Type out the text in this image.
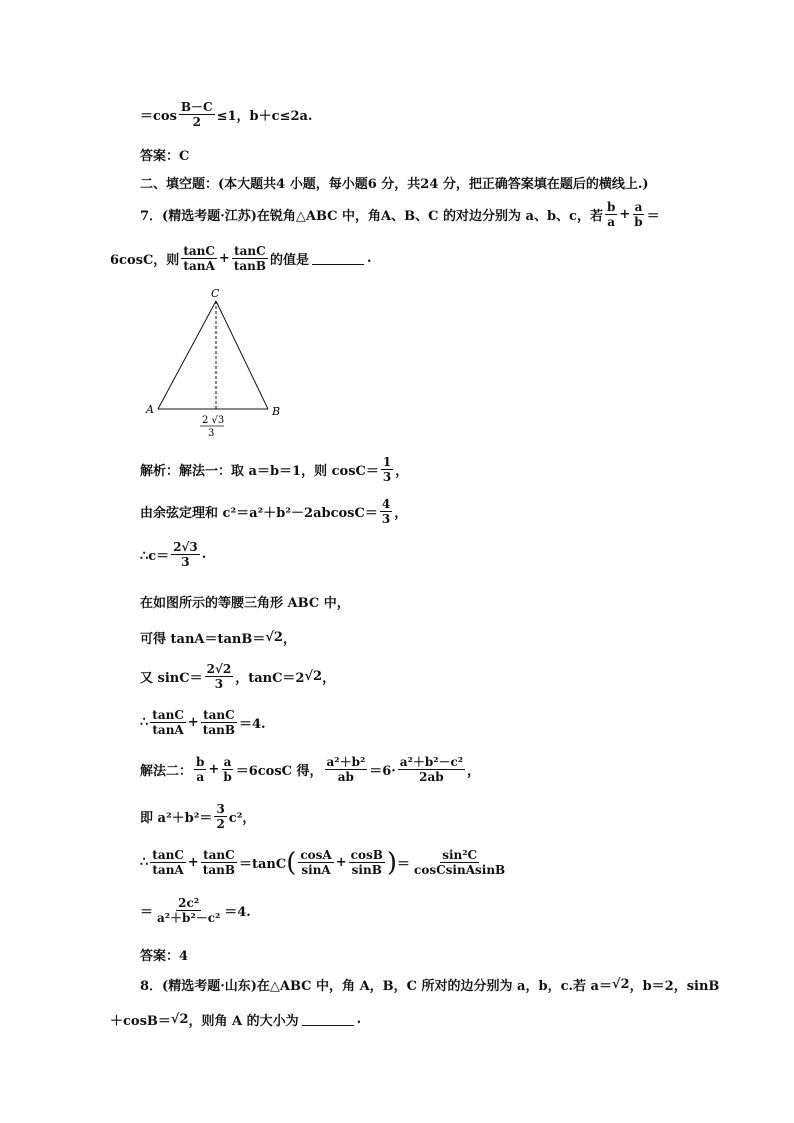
$=\cos \frac{B-C}{2} \le 1$，b＋c≤2a.
答案：C
二、填空题：(本大题共4 小题，每小题6 分，共24 分，把正确答案填在题后的横线上.)
7．(精选考题·江苏)在锐角△ABC 中，角A、B、C 的对边分别为 a、b、c，若 $\frac{b}{a} + \frac{a}{b}$ ＝
6cosC，则 $\frac{\tan C}{\tan A} + \frac{\tan C}{\tan B}$ 的值是	.
C
A	B
2 √3
3
解析：解法一：取 a＝b＝1，则 $\cos C= \frac{1}{3}$ ，
由余弦定理和 $c^2=a^2+b^2-2abcosC= \frac{4}{3}$ ，
∴c＝ $\frac{2√3}{3}$ .
在如图所示的等腰三角形 ABC 中，
可得 tanA＝tanB＝ √2 ，
又 $\sin C= \frac{2√2}{3}$ ，tanC＝2 √2 ，
∴ $\frac{\tan C}{\tan A} + \frac{\tan C}{\tan B} =4$.
解法二： $\frac{b}{a} + \frac{a}{b} =6\cos C$ 得， $\frac{\text{a²＋b²}}{ab} =6\cdot \frac{\text{a²＋b²－c²}}{2ab}$ ，
即 $a^2+b^2= \frac{3}{2} c^2$，
∴ $\frac{\tan C}{\tan A} + \frac{\tan C}{\tan B} =\tan C$ ( $\frac{\cos A}{\sin A} + \frac{\cos B}{\sin B}$ ) ＝ $\frac{\text{sin²C}}{\text{cosCsinAsinB}}$
＝ $\frac{\text{2c²}}{\text{a²＋b²－c²}} =4$.
答案：4
8．(精选考题·山东)在△ABC 中，角 A，B，C 所对的边分别为 a，b，c.若 a＝ √2 ，b＝2，sinB
＋cosB＝ √2 ，则角 A 的大小为	.
